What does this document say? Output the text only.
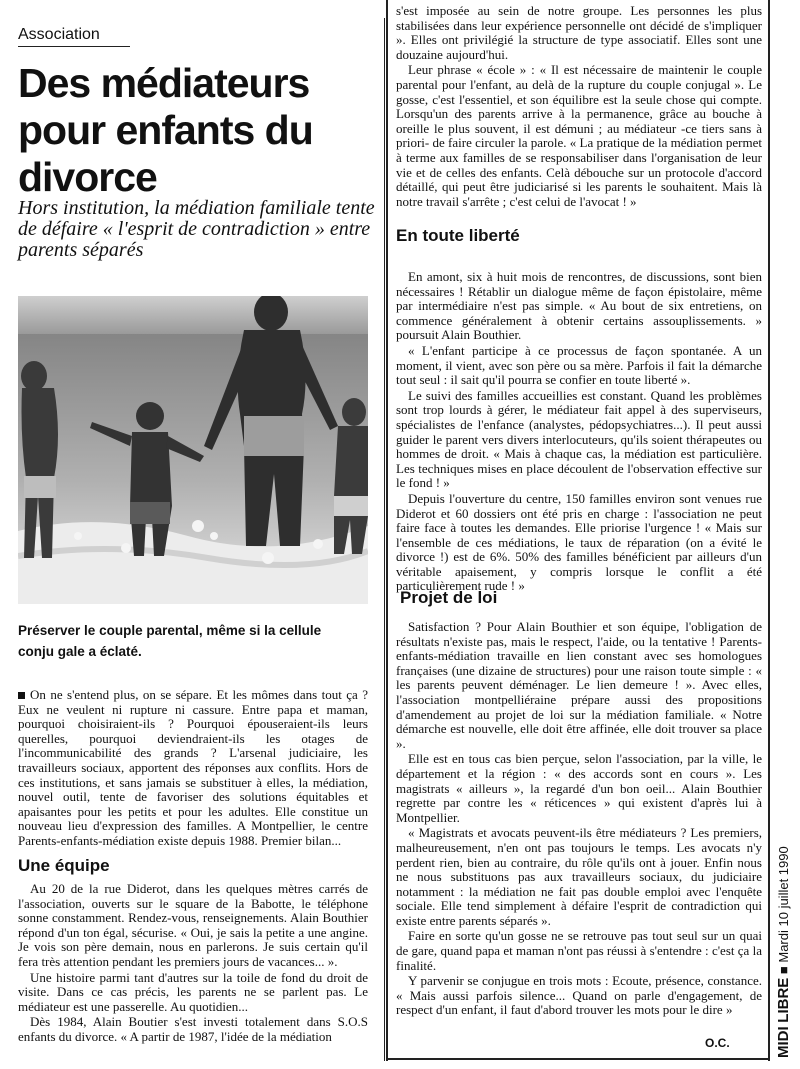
Association
Des médiateurs pour enfants du divorce
Hors institution, la médiation familiale tente de défaire « l'esprit de contradiction » entre parents séparés
Préserver le couple parental, même si la cellule conju gale a éclaté.

On ne s'entend plus, on se sépare. Et les mômes dans tout ça ? Eux ne veulent ni rupture ni cassure. Entre papa et maman, pourquoi choisiraient-ils ? Pourquoi épouseraient-ils leurs querelles, pourquoi deviendraient-ils les otages de l'incommunicabilité des grands ? L'arsenal judiciaire, les travailleurs sociaux, apportent des réponses aux conflits. Hors de ces institutions, et sans jamais se substituer à elles, la médiation, nouvel outil, tente de favoriser des solutions équitables et apaisantes pour les petits et pour les adultes. Elle constitue un nouveau lieu d'expression des familles. A Montpellier, le centre Parents-enfants-médiation existe depuis 1988. Premier bilan...

Une équipe

Au 20 de la rue Diderot, dans les quelques mètres carrés de l'association, ouverts sur le square de la Babotte, le téléphone sonne constamment. Rendez-vous, renseignements. Alain Bouthier répond d'un ton égal, sécurise. « Oui, je sais la petite a une angine. Je vois son père demain, nous en parlerons. Je suis certain qu'il fera très attention pendant les premiers jours de vacances... ».

Une histoire parmi tant d'autres sur la toile de fond du droit de visite. Dans ce cas précis, les parents ne se parlent pas. Le médiateur est une passerelle. Au quotidien...

Dès 1984, Alain Boutier s'est investi totalement dans S.O.S enfants du divorce. « A partir de 1987, l'idée de la médiation

s'est imposée au sein de notre groupe. Les personnes les plus stabilisées dans leur expérience personnelle ont décidé de s'impliquer ». Elles ont privilégié la structure de type associatif. Elles sont une douzaine aujourd'hui.

Leur phrase « école » : « Il est nécessaire de maintenir le couple parental pour l'enfant, au delà de la rupture du couple conjugal ». Le gosse, c'est l'essentiel, et son équilibre est la seule chose qui compte. Lorsqu'un des parents arrive à la permanence, grâce au bouche à oreille le plus souvent, il est démuni ; au médiateur -ce tiers sans à priori- de faire circuler la parole. « La pratique de la médiation permet à terme aux familles de se responsabiliser dans l'organisation de leur vie et de celles des enfants. Celà débouche sur un protocole d'accord détaillé, qui peut être judiciarisé si les parents le souhaitent. Mais là notre travail s'arrête ; c'est celui de l'avocat ! »

En toute liberté

En amont, six à huit mois de rencontres, de discussions, sont bien nécessaires ! Rétablir un dialogue même de façon épistolaire, même par intermédiaire n'est pas simple. « Au bout de six entretiens, on commence généralement à obtenir certains assouplissements. » poursuit Alain Bouthier.

« L'enfant participe à ce processus de façon spontanée. A un moment, il vient, avec son père ou sa mère. Parfois il fait la démarche tout seul : il sait qu'il pourra se confier en toute liberté ».

Le suivi des familles accueillies est constant. Quand les problèmes sont trop lourds à gérer, le médiateur fait appel à des superviseurs, spécialistes de l'enfance (analystes, pédopsychiatres...). Il peut aussi guider le parent vers divers interlocuteurs, qu'ils soient thérapeutes ou hommes de droit. « Mais à chaque cas, la médiation est particulière. Les techniques mises en place découlent de l'observation effective sur le fond ! »

Depuis l'ouverture du centre, 150 familles environ sont venues rue Diderot et 60 dossiers ont été pris en charge : l'association ne peut faire face à toutes les demandes. Elle priorise l'urgence ! « Mais sur l'ensemble de ces médiations, le taux de réparation (on a évité le divorce !) est de 6%. 50% des familles bénéficient par ailleurs d'un véritable apaisement, y compris lorsque le conflit a été particulièrement rude ! »

Projet de loi

Satisfaction ? Pour Alain Bouthier et son équipe, l'obligation de résultats n'existe pas, mais le respect, l'aide, ou la tentative ! Parents-enfants-médiation travaille en lien constant avec ses homologues françaises (une dizaine de structures) pour une raison toute simple : « les parents peuvent déménager. Le lien demeure ! ». Avec elles, l'association montpelliéraine prépare aussi des propositions d'amendement au projet de loi sur la médiation familiale. « Notre démarche est nouvelle, elle doit être affinée, elle doit trouver sa place ».

Elle est en tous cas bien perçue, selon l'association, par la ville, le département et la région : « des accords sont en cours ». Les magistrats « ailleurs », la regardé d'un bon oeil... Alain Bouthier regrette par contre les « réticences » qui existent d'après lui à Montpellier.

« Magistrats et avocats peuvent-ils être médiateurs ? Les premiers, malheureusement, n'en ont pas toujours le temps. Les avocats n'y perdent rien, bien au contraire, du rôle qu'ils ont à jouer. Enfin nous ne nous substituons pas aux travailleurs sociaux, du judiciaire notamment : la médiation ne fait pas double emploi avec l'enquête sociale. Elle tend simplement à défaire l'esprit de contradiction qui existe entre parents séparés ».

Faire en sorte qu'un gosse ne se retrouve pas tout seul sur un quai de gare, quand papa et maman n'ont pas réussi à s'entendre : c'est ça la finalité.

Y parvenir se conjugue en trois mots : Ecoute, présence, constance. « Mais aussi parfois silence... Quand on parle d'engagement, de respect d'un enfant, il faut d'abord trouver les mots pour le dire »

O.C.	MIDI LIBRE ■ Mardi 10 juillet 1990
